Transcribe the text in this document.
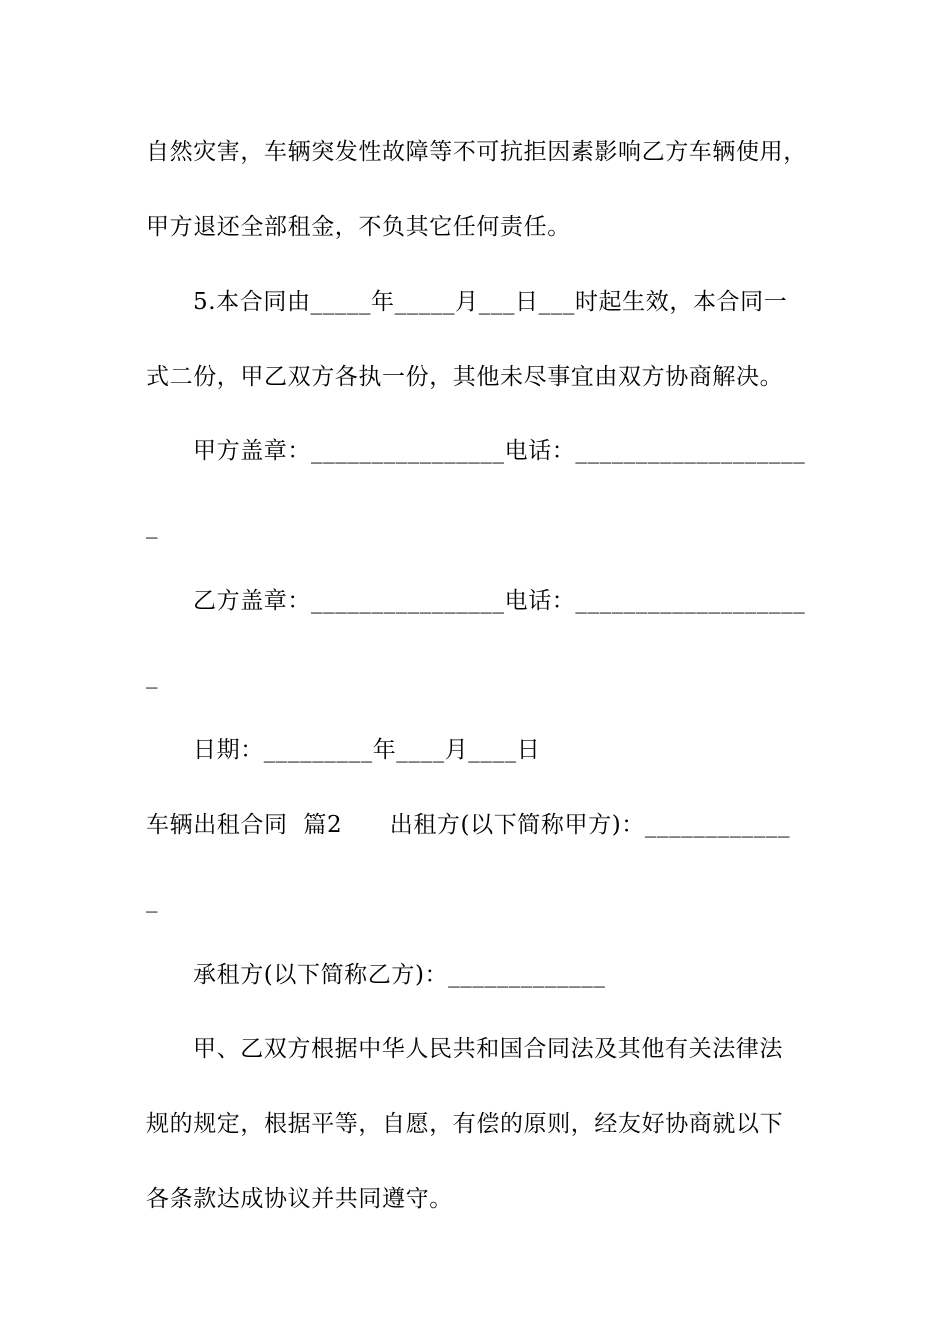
自然灾害，车辆突发性故障等不可抗拒因素影响乙方车辆使用，
甲方退还全部租金，不负其它任何责任。
5.本合同由_____年_____月___日___时起生效，本合同一
式二份，甲乙双方各执一份，其他未尽事宜由双方协商解决。
甲方盖章：________________电话：___________________
_
乙方盖章：________________电话：___________________
_
日期：_________年____月____日
车辆出租合同  篇2      出租方(以下简称甲方)：____________
_
承租方(以下简称乙方)：_____________
甲、乙双方根据中华人民共和国合同法及其他有关法律法
规的规定，根据平等，自愿，有偿的原则，经友好协商就以下
各条款达成协议并共同遵守。
